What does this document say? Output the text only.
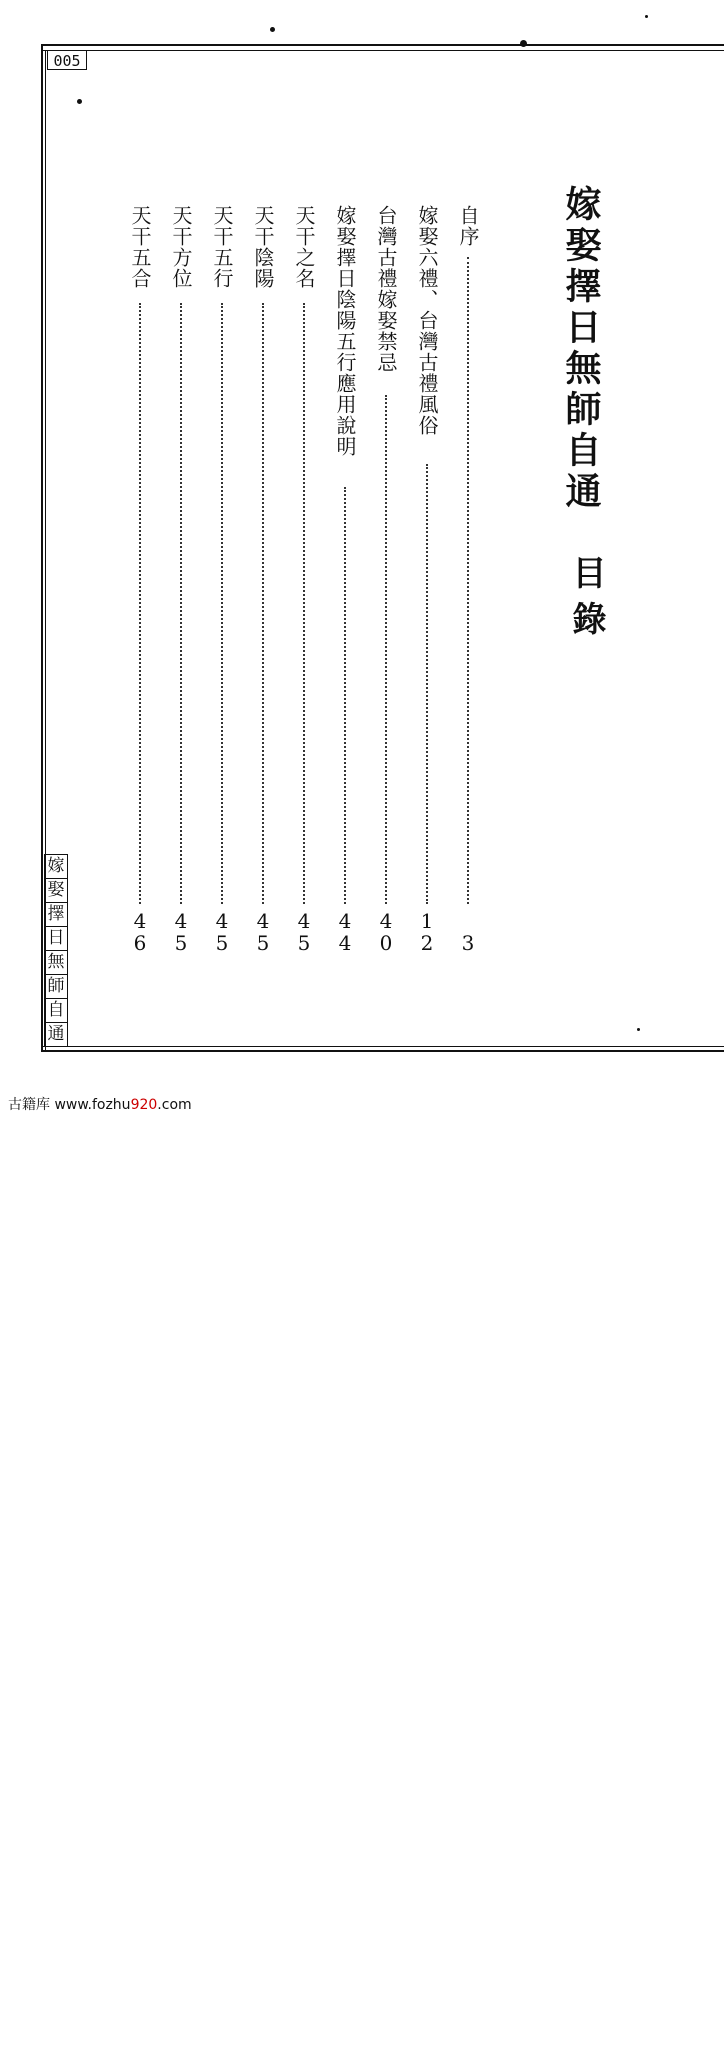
005
嫁娶擇日無師自通
目錄
自序
3
嫁娶六禮、台灣古禮風俗
1
2
台灣古禮嫁娶禁忌
4
0
嫁娶擇日陰陽五行應用說明
4
4
天干之名
4
5
天干陰陽
4
5
天干五行
4
5
天干方位
4
5
天干五合
4
6
嫁
娶
擇
日
無
師
自
通
古籍库 www.fozhu920.com
